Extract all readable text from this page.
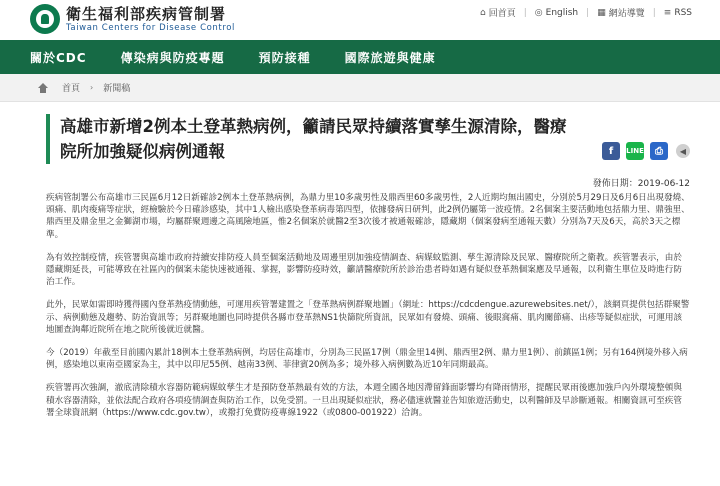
衛生福利部疾病管制署
Taiwan Centers for Disease Control
⌂ 回首頁 | ◎ English | ▦ 網站導覽 | ≡ RSS
關於CDC	傳染病與防疫專題	預防接種	國際旅遊與健康
首頁 › 新聞稿
高雄市新增2例本土登革熱病例，籲請民眾持續落實孳生源清除，醫療院所加強疑似病例通報	f	LINE	⎙	◀
發佈日期：2019-06-12

疾病管制署公布高雄市三民區6月12日新確診2例本土登革熱病例，為鼎力里10多歲男性及鼎西里60多歲男性，2人近期均無出國史，分別於5月29日及6月6日出現發燒、頭痛、肌肉痠痛等症狀，經檢驗於今日確診感染，其中1人檢出感染登革病毒第四型，依據發病日研判，此2例仍屬第一波疫情。2名個案主要活動地包括鼎力里、鼎強里、鼎西里及鼎金里之金獅湖市場，均屬群聚週邊之高風險地區，惟2名個案於就醫2至3次後才被通報確診，隱藏期（個案發病至通報天數）分別為7天及6天，高於3天之標準。

為有效控制疫情，疾管署與高雄市政府持續安排防疫人員至個案活動地及周邊里別加強疫情調查、病媒蚊監測、孳生源清除及民眾、醫療院所之衛教。疾管署表示，由於隱藏期延長，可能導致在社區內的個案未能快速被通報、掌握，影響防疫時效，籲請醫療院所於診治患者時如遇有疑似登革熱個案應及早通報，以利衛生單位及時進行防治工作。

此外，民眾如需即時獲得國內登革熱疫情動態，可運用疾管署建置之「登革熱病例群聚地圖」（網址：https://cdcdengue.azurewebsites.net/），該網頁提供包括群聚警示、病例動態及趨勢、防治資訊等；另群聚地圖也同時提供各縣市登革熱NS1快篩院所資訊，民眾如有發燒、頭痛、後眼窩痛、肌肉關節痛、出疹等疑似症狀，可運用該地圖查詢鄰近院所在地之院所後就近就醫。

今（2019）年截至目前國內累計18例本土登革熱病例，均居住高雄市，分別為三民區17例（鼎金里14例、鼎西里2例、鼎力里1例）、前鎮區1例；另有164例境外移入病例，感染地以東南亞國家為主，其中以印尼55例、越南33例、菲律賓20例為多；境外移入病例數為近10年同期最高。

疾管署再次強調，澈底清除積水容器防範病媒蚊孳生才是預防登革熱最有效的方法，本週全國各地因滯留鋒面影響均有降雨情形，提醒民眾雨後應加強戶內外環境整頓與積水容器清除，並依法配合政府各項疫情調查與防治工作，以免受罰。一旦出現疑似症狀，務必儘速就醫並告知旅遊活動史，以利醫師及早診斷通報。相關資訊可至疾管署全球資訊網（https://www.cdc.gov.tw），或撥打免費防疫專線1922（或0800-001922）洽詢。
